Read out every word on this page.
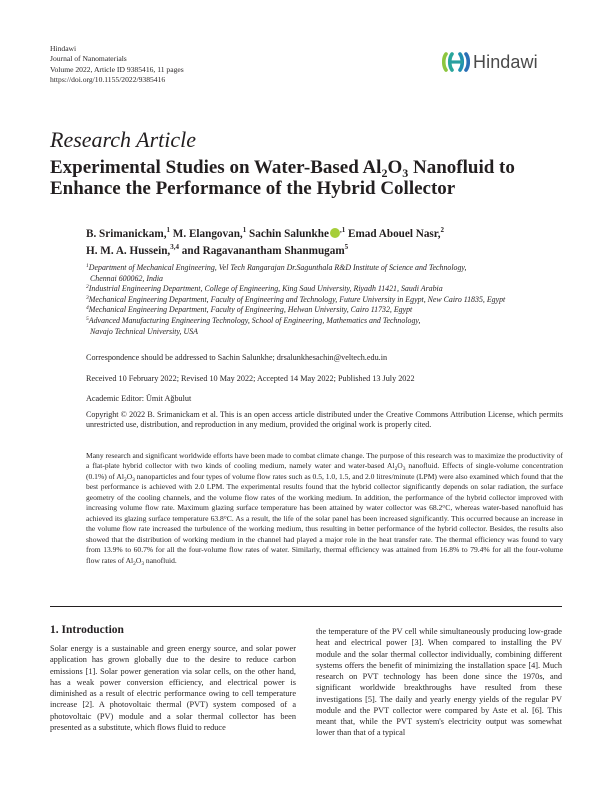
Hindawi
Journal of Nanomaterials
Volume 2022, Article ID 9385416, 11 pages
https://doi.org/10.1155/2022/9385416
Hindawi
Research Article
Experimental Studies on Water-Based $Al_2O_3$ Nanofluid to Enhance the Performance of the Hybrid Collector
B. Srimanickam,$^1$ M. Elangovan,$^1$ Sachin Salunkhe $^{,1}$ Emad Abouel Nasr,$^2$
H. M. A. Hussein,$^{3,4}$ and Ragavanantham Shanmugam$^5$
$^1$Department of Mechanical Engineering, Vel Tech Rangarajan Dr.Sagunthala R&D Institute of Science and Technology,
Chennai 600062, India
$^2$Industrial Engineering Department, College of Engineering, King Saud University, Riyadh 11421, Saudi Arabia
$^3$Mechanical Engineering Department, Faculty of Engineering and Technology, Future University in Egypt, New Cairo 11835, Egypt
$^4$Mechanical Engineering Department, Faculty of Engineering, Helwan University, Cairo 11732, Egypt
$^5$Advanced Manufacturing Engineering Technology, School of Engineering, Mathematics and Technology,
Navajo Technical University, USA
Correspondence should be addressed to Sachin Salunkhe; drsalunkhesachin@veltech.edu.in
Received 10 February 2022; Revised 10 May 2022; Accepted 14 May 2022; Published 13 July 2022
Academic Editor: Ümit Ağbulut
Copyright © 2022 B. Srimanickam et al. This is an open access article distributed under the Creative Commons Attribution License, which permits unrestricted use, distribution, and reproduction in any medium, provided the original work is properly cited.
Many research and significant worldwide efforts have been made to combat climate change. The purpose of this research was to maximize the productivity of a flat-plate hybrid collector with two kinds of cooling medium, namely water and water-based $Al_2O_3$ nanofluid. Effects of single-volume concentration (0.1%) of $Al_2O_3$ nanoparticles and four types of volume flow rates such as 0.5, 1.0, 1.5, and 2.0 litres/minute (LPM) were also examined which found that the best performance is achieved with 2.0 LPM. The experimental results found that the hybrid collector significantly depends on solar radiation, the surface geometry of the cooling channels, and the volume flow rates of the working medium. In addition, the performance of the hybrid collector improved with increasing volume flow rate. Maximum glazing surface temperature has been attained by water collector was 68.2°C, whereas water-based nanofluid has achieved its glazing surface temperature 63.8°C. As a result, the life of the solar panel has been increased significantly. This occurred because an increase in the volume flow rate increased the turbulence of the working medium, thus resulting in better performance of the hybrid collector. Besides, the results also showed that the distribution of working medium in the channel had played a major role in the heat transfer rate. The thermal efficiency was found to vary from 13.9% to 60.7% for all the four-volume flow rates of water. Similarly, thermal efficiency was attained from 16.8% to 79.4% for all the four-volume flow rates of $Al_2O_3$ nanofluid.
1. Introduction
Solar energy is a sustainable and green energy source, and solar power application has grown globally due to the desire to reduce carbon emissions [1]. Solar power generation via solar cells, on the other hand, has a weak power conversion efficiency, and electrical power is diminished as a result of electric performance owing to cell temperature increase [2]. A photovoltaic thermal (PVT) system composed of a photovoltaic (PV) module and a solar thermal collector has been presented as a substitute, which flows fluid to reduce
the temperature of the PV cell while simultaneously producing low-grade heat and electrical power [3]. When compared to installing the PV module and the solar thermal collector individually, combining different systems offers the benefit of minimizing the installation space [4]. Much research on PVT technology has been done since the 1970s, and significant worldwide breakthroughs have resulted from these investigations [5]. The daily and yearly energy yields of the regular PV module and the PVT collector were compared by Aste et al. [6]. This meant that, while the PVT system's electricity output was somewhat lower than that of a typical
